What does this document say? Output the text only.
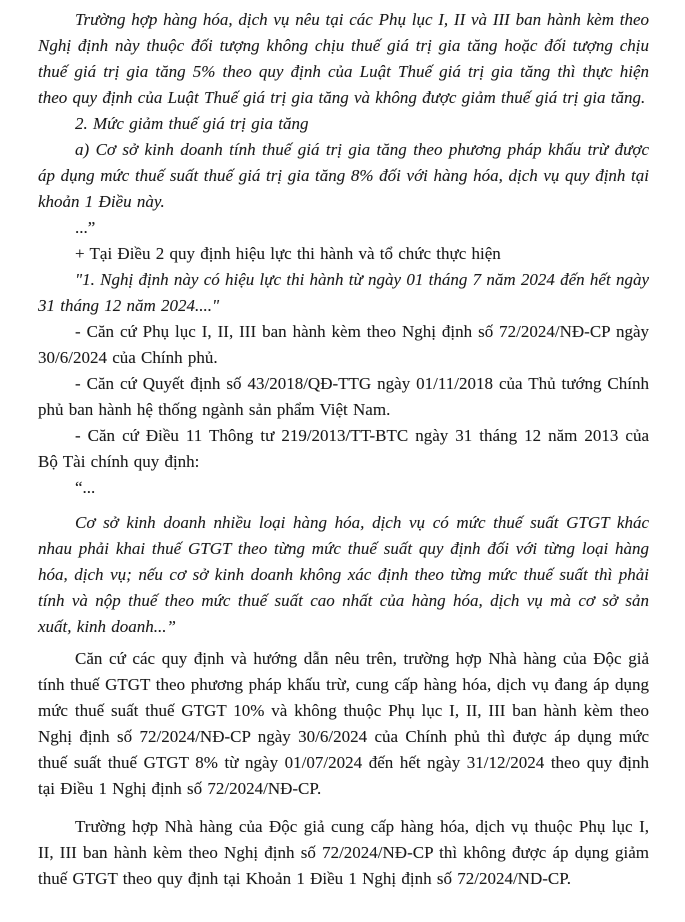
Trường hợp hàng hóa, dịch vụ nêu tại các Phụ lục I, II và III ban hành kèm theo Nghị định này thuộc đối tượng không chịu thuế giá trị gia tăng hoặc đối tượng chịu thuế giá trị gia tăng 5% theo quy định của Luật Thuế giá trị gia tăng thì thực hiện theo quy định của Luật Thuế giá trị gia tăng và không được giảm thuế giá trị gia tăng.

2. Mức giảm thuế giá trị gia tăng

a) Cơ sở kinh doanh tính thuế giá trị gia tăng theo phương pháp khấu trừ được áp dụng mức thuế suất thuế giá trị gia tăng 8% đối với hàng hóa, dịch vụ quy định tại khoản 1 Điều này.

...”

+ Tại Điều 2 quy định hiệu lực thi hành và tổ chức thực hiện

"1. Nghị định này có hiệu lực thi hành từ ngày 01 tháng 7 năm 2024 đến hết ngày 31 tháng 12 năm 2024...."

- Căn cứ Phụ lục I, II, III ban hành kèm theo Nghị định số 72/2024/NĐ-CP ngày 30/6/2024 của Chính phủ.

- Căn cứ Quyết định số 43/2018/QĐ-TTG ngày 01/11/2018 của Thủ tướng Chính phủ ban hành hệ thống ngành sản phẩm Việt Nam.

- Căn cứ Điều 11 Thông tư 219/2013/TT-BTC ngày 31 tháng 12 năm 2013 của Bộ Tài chính quy định:

“...

Cơ sở kinh doanh nhiều loại hàng hóa, dịch vụ có mức thuế suất GTGT khác nhau phải khai thuế GTGT theo từng mức thuế suất quy định đối với từng loại hàng hóa, dịch vụ; nếu cơ sở kinh doanh không xác định theo từng mức thuế suất thì phải tính và nộp thuế theo mức thuế suất cao nhất của hàng hóa, dịch vụ mà cơ sở sản xuất, kinh doanh...”

Căn cứ các quy định và hướng dẫn nêu trên, trường hợp Nhà hàng của Độc giả tính thuế GTGT theo phương pháp khấu trừ, cung cấp hàng hóa, dịch vụ đang áp dụng mức thuế suất thuế GTGT 10% và không thuộc Phụ lục I, II, III ban hành kèm theo Nghị định số 72/2024/NĐ-CP ngày 30/6/2024 của Chính phủ thì được áp dụng mức thuế suất thuế GTGT 8% từ ngày 01/07/2024 đến hết ngày 31/12/2024 theo quy định tại Điều 1 Nghị định số 72/2024/NĐ-CP.

Trường hợp Nhà hàng của Độc giả cung cấp hàng hóa, dịch vụ thuộc Phụ lục I, II, III ban hành kèm theo Nghị định số 72/2024/NĐ-CP thì không được áp dụng giảm thuế GTGT theo quy định tại Khoản 1 Điều 1 Nghị định số 72/2024/ND-CP.
